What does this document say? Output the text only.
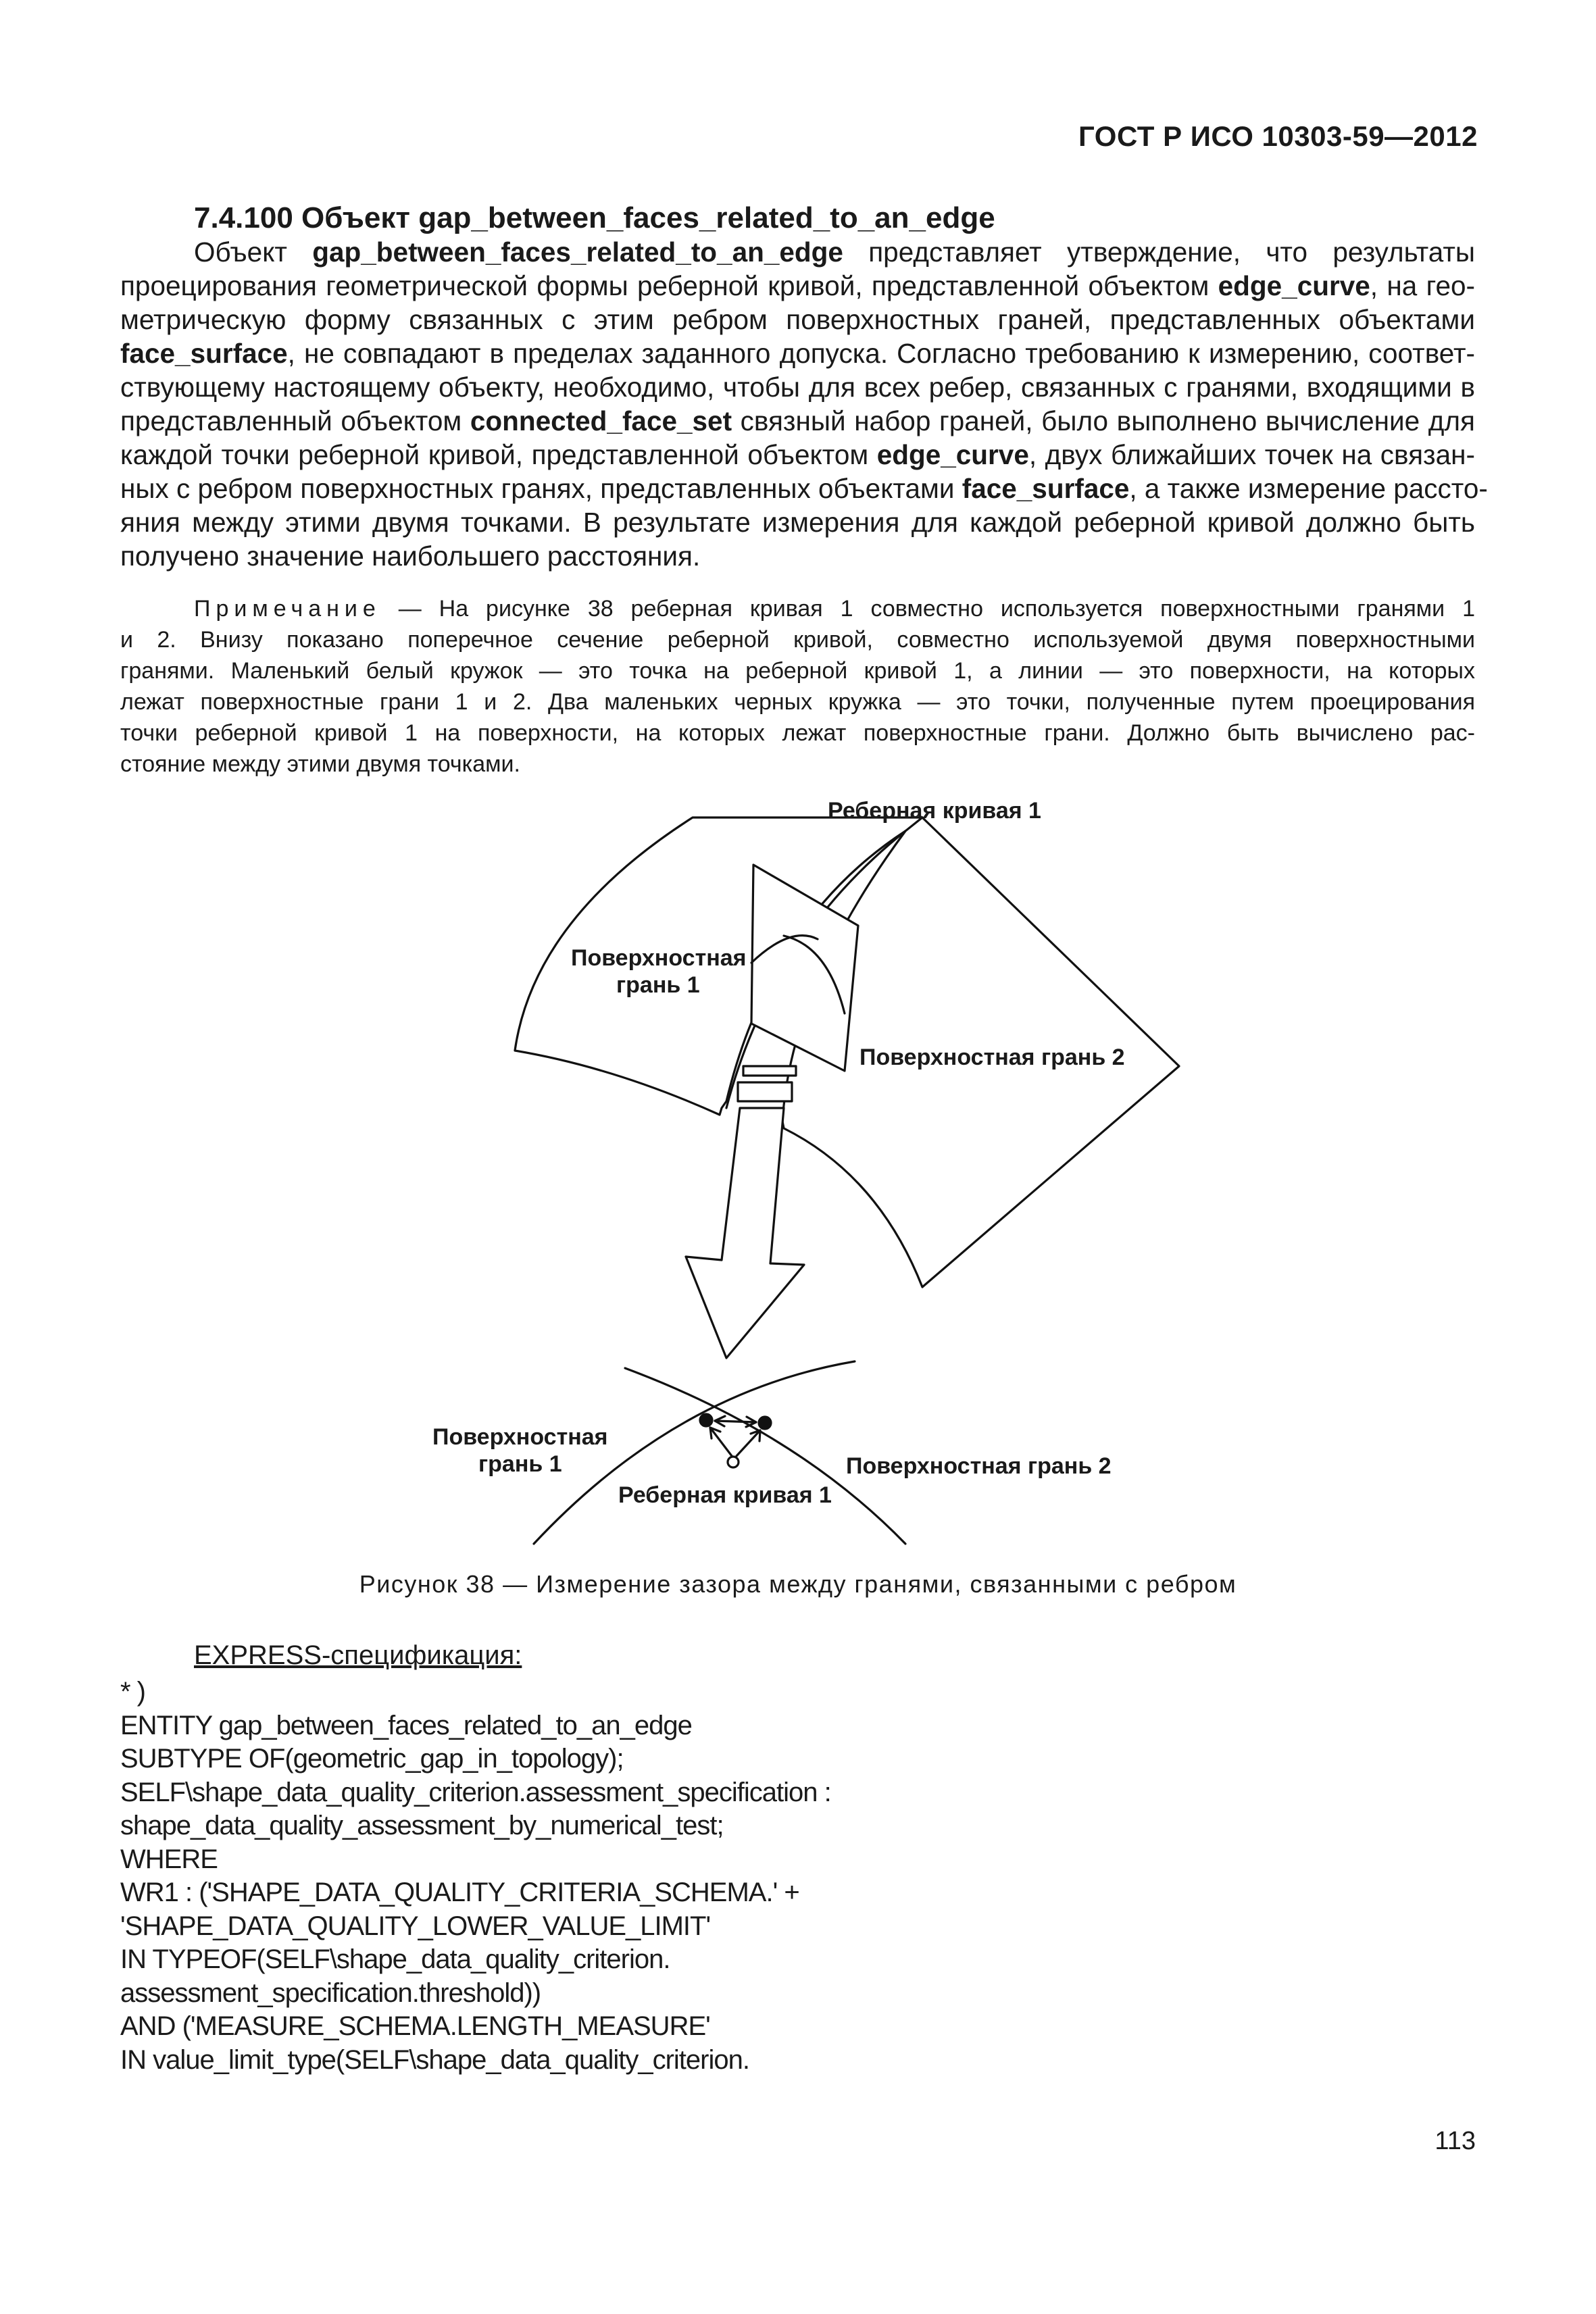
ГОСТ Р ИСО 10303-59—2012
7.4.100 Объект gap_between_faces_related_to_an_edge
Объект gap_between_faces_related_to_an_edge представляет утверждение, что результаты
проецирования геометрической формы реберной кривой, представленной объектом edge_curve, на гео-
метрическую форму связанных с этим ребром поверхностных граней, представленных объектами
face_surface, не совпадают в пределах заданного допуска. Согласно требованию к измерению, соответ-
ствующему настоящему объекту, необходимо, чтобы для всех ребер, связанных с гранями, входящими в
представленный объектом connected_face_set связный набор граней, было выполнено вычисление для
каждой точки реберной кривой, представленной объектом edge_curve, двух ближайших точек на связан-
ных с ребром поверхностных гранях, представленных объектами face_surface, а также измерение рассто-
яния между этими двумя точками. В результате измерения для каждой реберной кривой должно быть
получено значение наибольшего расстояния.
Примечание — На рисунке 38 реберная кривая 1 совместно используется поверхностными гранями 1
и 2. Внизу показано поперечное сечение реберной кривой, совместно используемой двумя поверхностными
гранями. Маленький белый кружок — это точка на реберной кривой 1, а линии — это поверхности, на которых
лежат поверхностные грани 1 и 2. Два маленьких черных кружка — это точки, полученные путем проецирования
точки реберной кривой 1 на поверхности, на которых лежат поверхностные грани. Должно быть вычислено рас-
стояние между этими двумя точками.
Реберная кривая 1
Поверхностная
грань 1
Поверхностная грань 2
Поверхностная
грань 1	Поверхностная грань 2
Реберная кривая 1
Рисунок 38 — Измерение зазора между гранями, связанными с ребром
EXPRESS-спецификация:
* )
ENTITY gap_between_faces_related_to_an_edge
SUBTYPE OF(geometric_gap_in_topology);
SELF\shape_data_quality_criterion.assessment_specification :
shape_data_quality_assessment_by_numerical_test;
WHERE
WR1 : ('SHAPE_DATA_QUALITY_CRITERIA_SCHEMA.' +
'SHAPE_DATA_QUALITY_LOWER_VALUE_LIMIT'
IN TYPEOF(SELF\shape_data_quality_criterion.
assessment_specification.threshold))
AND ('MEASURE_SCHEMA.LENGTH_MEASURE'
IN value_limit_type(SELF\shape_data_quality_criterion.
113
